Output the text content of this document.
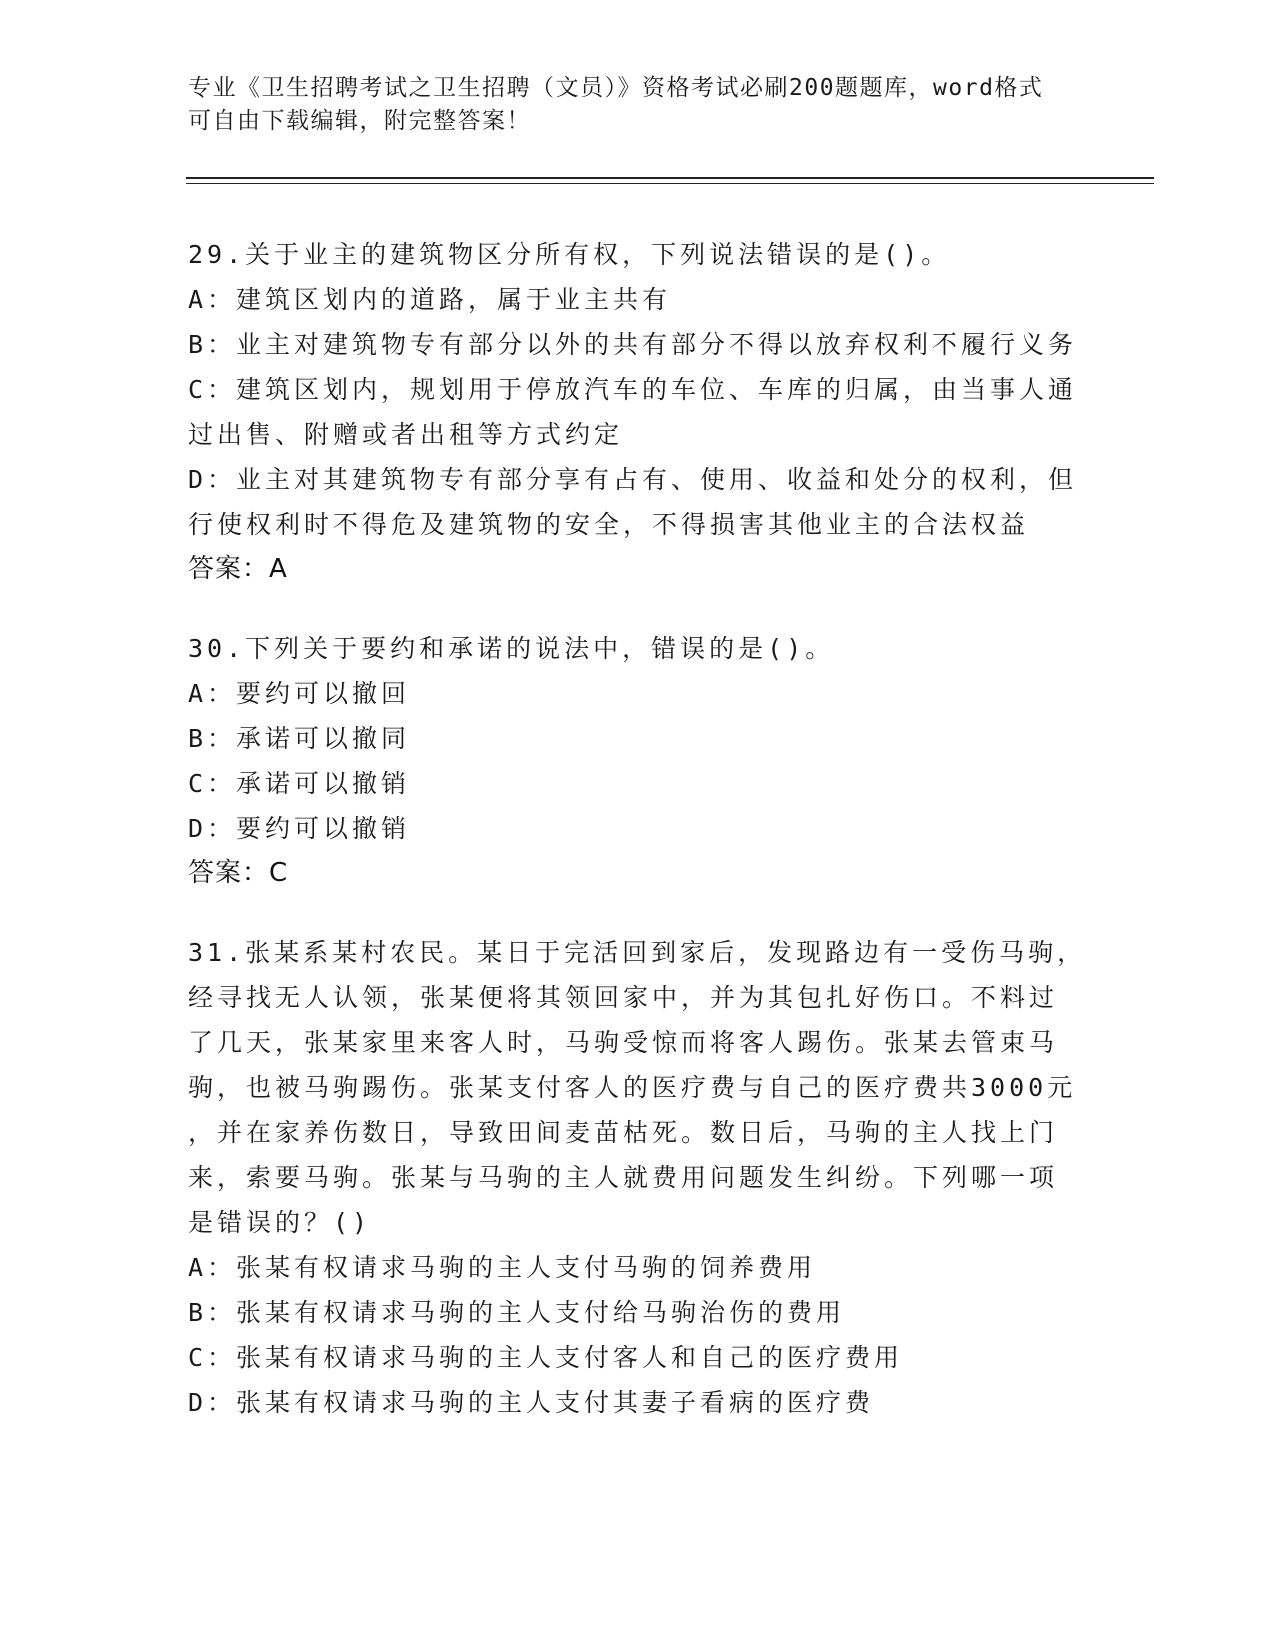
专业《卫生招聘考试之卫生招聘（文员）》资格考试必刷200题题库，word格式
可自由下载编辑，附完整答案！
29.关于业主的建筑物区分所有权，下列说法错误的是()。
A：建筑区划内的道路，属于业主共有
B：业主对建筑物专有部分以外的共有部分不得以放弃权利不履行义务
C：建筑区划内，规划用于停放汽车的车位、车库的归属，由当事人通
过出售、附赠或者出租等方式约定
D：业主对其建筑物专有部分享有占有、使用、收益和处分的权利，但
行使权利时不得危及建筑物的安全，不得损害其他业主的合法权益
答案：A
30.下列关于要约和承诺的说法中，错误的是()。
A：要约可以撤回
B：承诺可以撤同
C：承诺可以撤销
D：要约可以撤销
答案：C
31.张某系某村农民。某日于完活回到家后，发现路边有一受伤马驹，
经寻找无人认领，张某便将其领回家中，并为其包扎好伤口。不料过
了几天，张某家里来客人时，马驹受惊而将客人踢伤。张某去管束马
驹，也被马驹踢伤。张某支付客人的医疗费与自己的医疗费共3000元
，并在家养伤数日，导致田间麦苗枯死。数日后，马驹的主人找上门
来，索要马驹。张某与马驹的主人就费用问题发生纠纷。下列哪一项
是错误的？()
A：张某有权请求马驹的主人支付马驹的饲养费用
B：张某有权请求马驹的主人支付给马驹治伤的费用
C：张某有权请求马驹的主人支付客人和自己的医疗费用
D：张某有权请求马驹的主人支付其妻子看病的医疗费
